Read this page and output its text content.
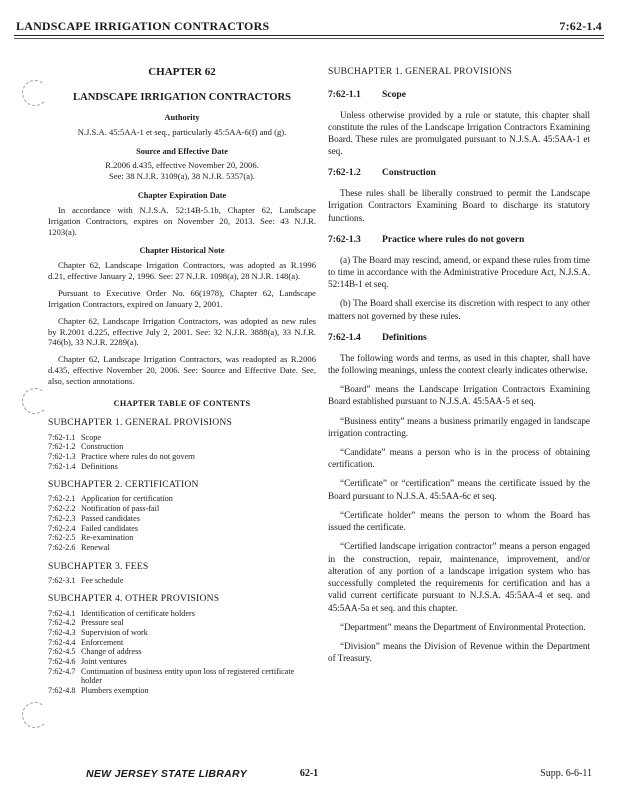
LANDSCAPE IRRIGATION CONTRACTORS	7:62-1.4
CHAPTER 62
LANDSCAPE IRRIGATION CONTRACTORS
Authority

N.J.S.A. 45:5AA-1 et seq., particularly 45:5AA-6(f) and (g).

Source and Effective Date

R.2006 d.435, effective November 20, 2006.

See: 38 N.J.R. 3109(a), 38 N.J.R. 5357(a).

Chapter Expiration Date

In accordance with N.J.S.A. 52:14B-5.1b, Chapter 62, Landscape Irrigation Contractors, expires on November 20, 2013. See: 43 N.J.R. 1203(a).

Chapter Historical Note

Chapter 62, Landscape Irrigation Contractors, was adopted as R.1996 d.21, effective January 2, 1996. See: 27 N.J.R. 1098(a), 28 N.J.R. 148(a).

Pursuant to Executive Order No. 66(1978), Chapter 62, Landscape Irrigation Contractors, expired on January 2, 2001.

Chapter 62, Landscape Irrigation Contractors, was adopted as new rules by R.2001 d.225, effective July 2, 2001. See: 32 N.J.R. 3888(a), 33 N.J.R. 746(b), 33 N.J.R. 2289(a).

Chapter 62, Landscape Irrigation Contractors, was readopted as R.2006 d.435, effective November 20, 2006. See: Source and Effective Date. See, also, section annotations.

CHAPTER TABLE OF CONTENTS
SUBCHAPTER 1. GENERAL PROVISIONS
7:62-1.1 Scope
7:62-1.2 Construction
7:62-1.3 Practice where rules do not govern
7:62-1.4 Definitions
SUBCHAPTER 2. CERTIFICATION
7:62-2.1 Application for certification
7:62-2.2 Notification of pass-fail
7:62-2.3 Passed candidates
7:62-2.4 Failed candidates
7:62-2.5 Re-examination
7:62-2.6 Renewal
SUBCHAPTER 3. FEES
7:62-3.1 Fee schedule
SUBCHAPTER 4. OTHER PROVISIONS
7:62-4.1 Identification of certificate holders
7:62-4.2 Pressure seal
7:62-4.3 Supervision of work
7:62-4.4 Enforcement
7:62-4.5 Change of address
7:62-4.6 Joint ventures
7:62-4.7 Continuation of business entity upon loss of registered certificate holder
7:62-4.8 Plumbers exemption
SUBCHAPTER 1. GENERAL PROVISIONS
7:62-1.1 Scope

Unless otherwise provided by a rule or statute, this chapter shall constitute the rules of the Landscape Irrigation Contractors Examining Board. These rules are promulgated pursuant to N.J.S.A. 45:5AA-1 et seq.

7:62-1.2 Construction

These rules shall be liberally construed to permit the Landscape Irrigation Contractors Examining Board to discharge its statutory functions.

7:62-1.3 Practice where rules do not govern

(a) The Board may rescind, amend, or expand these rules from time to time in accordance with the Administrative Procedure Act, N.J.S.A. 52:14B-1 et seq.

(b) The Board shall exercise its discretion with respect to any other matters not governed by these rules.

7:62-1.4 Definitions

The following words and terms, as used in this chapter, shall have the following meanings, unless the context clearly indicates otherwise.

“Board” means the Landscape Irrigation Contractors Examining Board established pursuant to N.J.S.A. 45:5AA-5 et seq.

“Business entity” means a business primarily engaged in landscape irrigation contracting.

“Candidate” means a person who is in the process of obtaining certification.

“Certificate” or “certification” means the certificate issued by the Board pursuant to N.J.S.A. 45:5AA-6c et seq.

“Certificate holder” means the person to whom the Board has issued the certificate.

“Certified landscape irrigation contractor” means a person engaged in the construction, repair, maintenance, improvement, and/or alteration of any portion of a landscape irrigation system who has successfully completed the requirements for certification and has a valid current certificate pursuant to N.J.S.A. 45:5AA-4 et seq. and 45:5AA-5a et seq. and this chapter.

“Department” means the Department of Environmental Protection.

“Division” means the Division of Revenue within the Department of Treasury.

NEW JERSEY STATE LIBRARY	62-1	Supp. 6-6-11
